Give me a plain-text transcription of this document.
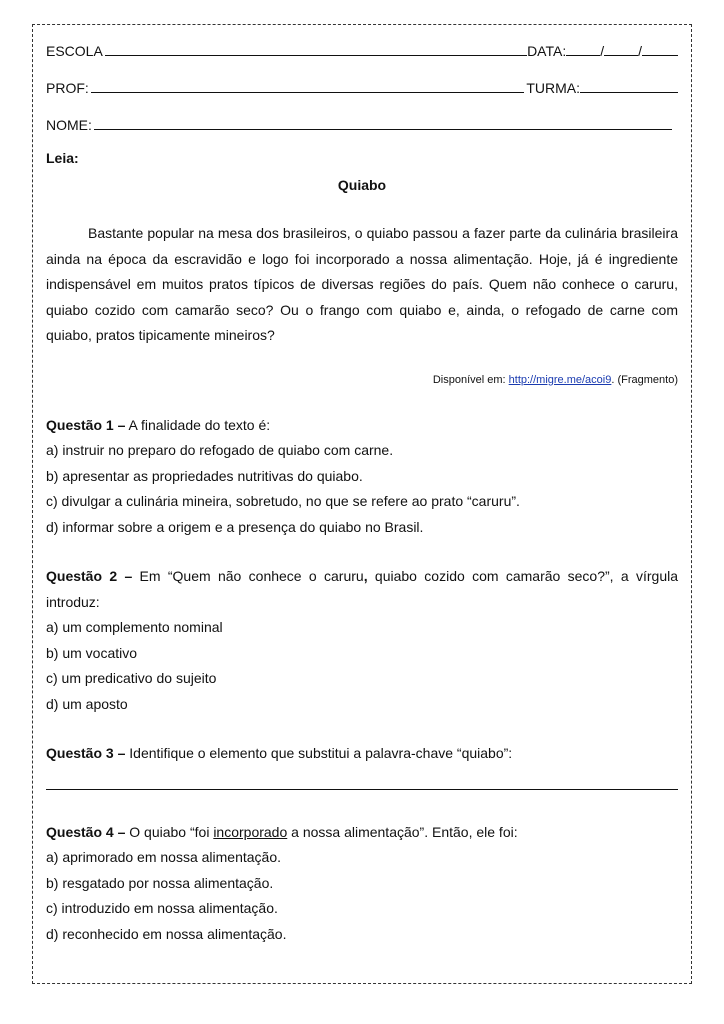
ESCOLA	DATA: / /
PROF:	TURMA:
NOME:
Leia:
Quiabo
Bastante popular na mesa dos brasileiros, o quiabo passou a fazer parte da culinária brasileira ainda na época da escravidão e logo foi incorporado a nossa alimentação. Hoje, já é ingrediente indispensável em muitos pratos típicos de diversas regiões do país. Quem não conhece o caruru, quiabo cozido com camarão seco? Ou o frango com quiabo e, ainda, o refogado de carne com quiabo, pratos tipicamente mineiros?
Disponível em: http://migre.me/acoi9. (Fragmento)
Questão 1 – A finalidade do texto é:
a) instruir no preparo do refogado de quiabo com carne.
b) apresentar as propriedades nutritivas do quiabo.
c) divulgar a culinária mineira, sobretudo, no que se refere ao prato “caruru”.
d) informar sobre a origem e a presença do quiabo no Brasil.
Questão 2 – Em “Quem não conhece o caruru, quiabo cozido com camarão seco?”, a vírgula introduz:
a) um complemento nominal
b) um vocativo
c) um predicativo do sujeito
d) um aposto
Questão 3 – Identifique o elemento que substitui a palavra-chave “quiabo”:
Questão 4 – O quiabo “foi incorporado a nossa alimentação”. Então, ele foi:
a) aprimorado em nossa alimentação.
b) resgatado por nossa alimentação.
c) introduzido em nossa alimentação.
d) reconhecido em nossa alimentação.
